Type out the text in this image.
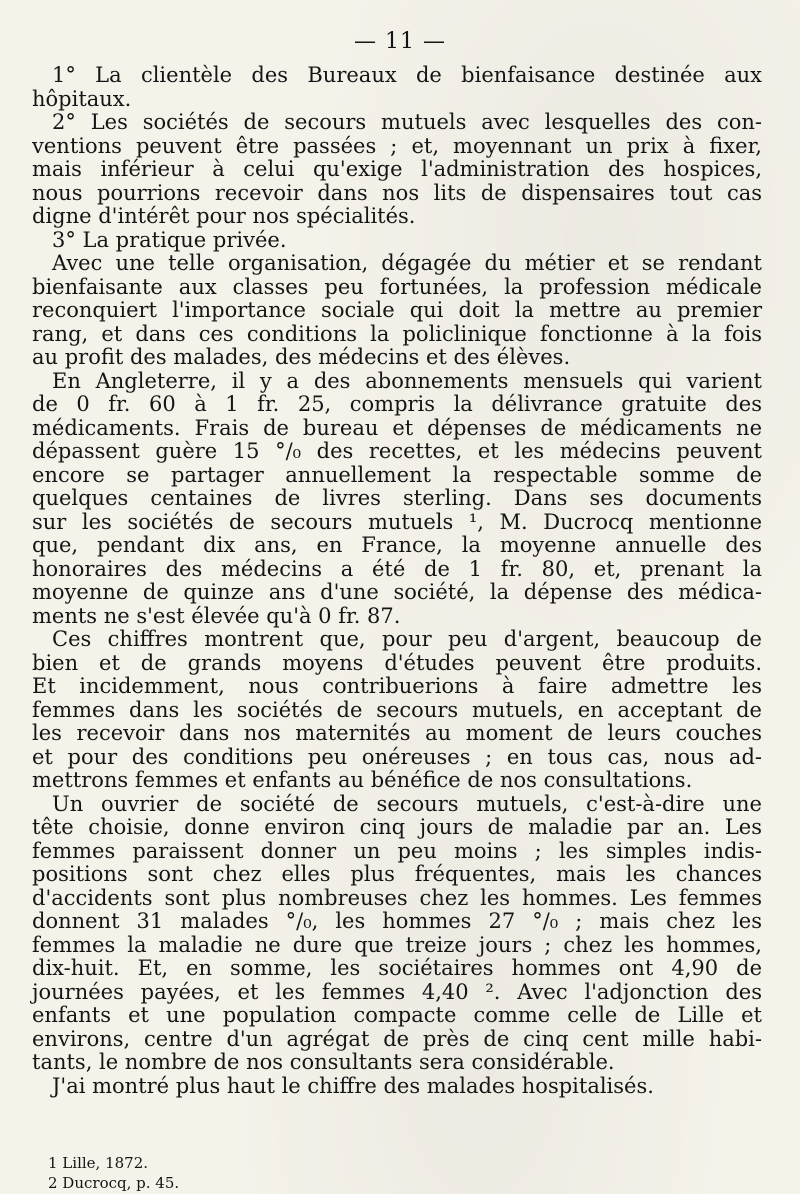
— 11 —
1° La clientèle des Bureaux de bienfaisance destinée aux
hôpitaux.
2° Les sociétés de secours mutuels avec lesquelles des con-
ventions peuvent être passées ; et, moyennant un prix à fixer,
mais inférieur à celui qu'exige l'administration des hospices,
nous pourrions recevoir dans nos lits de dispensaires tout cas
digne d'intérêt pour nos spécialités.
3° La pratique privée.
Avec une telle organisation, dégagée du métier et se rendant
bienfaisante aux classes peu fortunées, la profession médicale
reconquiert l'importance sociale qui doit la mettre au premier
rang, et dans ces conditions la policlinique fonctionne à la fois
au profit des malades, des médecins et des élèves.
En Angleterre, il y a des abonnements mensuels qui varient
de 0 fr. 60 à 1 fr. 25, compris la délivrance gratuite des
médicaments. Frais de bureau et dépenses de médicaments ne
dépassent guère 15 °/₀ des recettes, et les médecins peuvent
encore se partager annuellement la respectable somme de
quelques centaines de livres sterling. Dans ses documents
sur les sociétés de secours mutuels ¹, M. Ducrocq mentionne
que, pendant dix ans, en France, la moyenne annuelle des
honoraires des médecins a été de 1 fr. 80, et, prenant la
moyenne de quinze ans d'une société, la dépense des médica-
ments ne s'est élevée qu'à 0 fr. 87.
Ces chiffres montrent que, pour peu d'argent, beaucoup de
bien et de grands moyens d'études peuvent être produits.
Et incidemment, nous contribuerions à faire admettre les
femmes dans les sociétés de secours mutuels, en acceptant de
les recevoir dans nos maternités au moment de leurs couches
et pour des conditions peu onéreuses ; en tous cas, nous ad-
mettrons femmes et enfants au bénéfice de nos consultations.
Un ouvrier de société de secours mutuels, c'est-à-dire une
tête choisie, donne environ cinq jours de maladie par an. Les
femmes paraissent donner un peu moins ; les simples indis-
positions sont chez elles plus fréquentes, mais les chances
d'accidents sont plus nombreuses chez les hommes. Les femmes
donnent 31 malades °/₀, les hommes 27 °/₀ ; mais chez les
femmes la maladie ne dure que treize jours ; chez les hommes,
dix-huit. Et, en somme, les sociétaires hommes ont 4,90 de
journées payées, et les femmes 4,40 ². Avec l'adjonction des
enfants et une population compacte comme celle de Lille et
environs, centre d'un agrégat de près de cinq cent mille habi-
tants, le nombre de nos consultants sera considérable.
J'ai montré plus haut le chiffre des malades hospitalisés.
1 Lille, 1872.
2 Ducrocq, p. 45.
